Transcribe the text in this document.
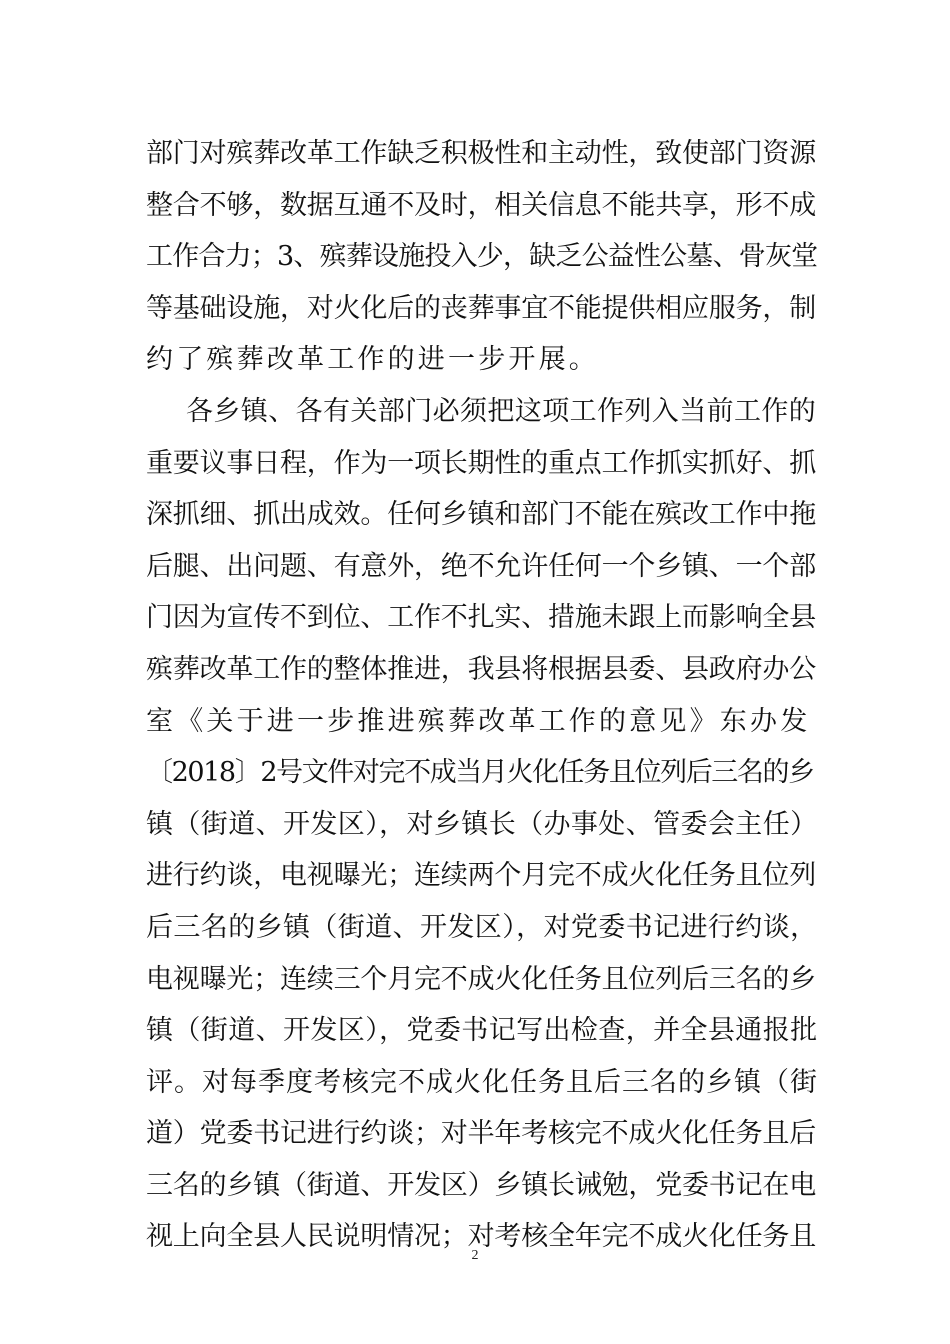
部门对殡葬改革工作缺乏积极性和主动性，致使部门资源
整合不够，数据互通不及时，相关信息不能共享，形不成
工作合力；3、殡葬设施投入少，缺乏公益性公墓、骨灰堂
等基础设施，对火化后的丧葬事宜不能提供相应服务，制
约了殡葬改革工作的进一步开展。
各乡镇、各有关部门必须把这项工作列入当前工作的
重要议事日程，作为一项长期性的重点工作抓实抓好、抓
深抓细、抓出成效。任何乡镇和部门不能在殡改工作中拖
后腿、出问题、有意外，绝不允许任何一个乡镇、一个部
门因为宣传不到位、工作不扎实、措施未跟上而影响全县
殡葬改革工作的整体推进，我县将根据县委、县政府办公
室《关于进一步推进殡葬改革工作的意见》东办发
〔2018〕2号文件对完不成当月火化任务且位列后三名的乡
镇（街道、开发区），对乡镇长（办事处、管委会主任）
进行约谈，电视曝光；连续两个月完不成火化任务且位列
后三名的乡镇（街道、开发区），对党委书记进行约谈，
电视曝光；连续三个月完不成火化任务且位列后三名的乡
镇（街道、开发区），党委书记写出检查，并全县通报批
评。对每季度考核完不成火化任务且后三名的乡镇（街
道）党委书记进行约谈；对半年考核完不成火化任务且后
三名的乡镇（街道、开发区）乡镇长诫勉，党委书记在电
视上向全县人民说明情况；对考核全年完不成火化任务且
2
